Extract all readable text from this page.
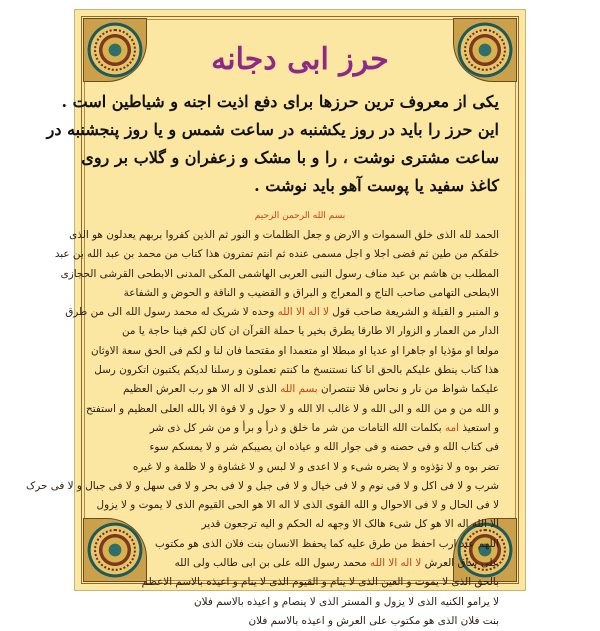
حرز ابی دجانه
یکی از معروف ترین حرزها برای دفع اذیت اجنه و شیاطین است .
این حرز را باید در روز یکشنبه در ساعت شمس و یا روز پنجشنبه در
ساعت مشتری نوشت ، را و با مشک و زعفران و گلاب بر روی
کاغذ سفید یا پوست آهو باید نوشت .
بسم الله الرحمن الرحیم
الحمد لله الذی خلق السموات و الارض و جعل الظلمات و النور ثم الذین کفروا بربهم یعدلون هو الذی
خلقکم من طین ثم قضی اجلا و اجل مسمی عنده ثم انتم تمترون هذا کتاب من محمد بن عبد الله بن عبد
المطلب بن هاشم بن عبد مناف رسول النبی العربی الهاشمی المکی المدنی الابطحی القرشی الحجازی
الابطحی التهامی صاحب التاج و المعراج و البراق و القضیب و الناقة و الحوض و الشفاعة
و المنبر و القبلة و الشریعة صاحب قول لا اله الا الله وحده لا شریک له محمد رسول الله الی من طرق
الدار من العمار و الزوار الا طارقا یطرق بخیر یا حملة القرآن ان کان لکم فینا حاجة یا من
مولعا او مؤذیا او جاهرا او عدیا او مبطلا او متعمدا او مقتحما فان لنا و لکم فی الحق سعة الاوثان
هذا کتاب ینطق علیکم بالحق انا کنا نستنسخ ما کنتم تعملون و رسلنا لدیکم یکتبون اتکرون رسل
علیکما شواظ من نار و نحاس فلا تنتصران بسم الله الذی لا اله الا هو رب العرش العظیم
و الله من و من الله و الی الله و لا غالب الا الله و لا حول و لا قوة الا بالله العلی العظیم و استفتح
و استعیذ امه بکلمات الله التامات من شر ما خلق و ذرأ و برأ و من شر کل ذی شر
فی کتاب الله و فی حصنه و فی جوار الله و عیاذه ان یصیبکم شر و لا یمسکم سوء
تضر بوه و لا تؤذوه و لا یضره شیء و لا اعدی و لا لبس و لا غشاوة و لا ظلمة و لا غیره
شرب و لا فی اکل و لا فی نوم و لا فی خیال و لا فی جبل و لا فی بحر و لا فی سهل و لا فی جبال و لا فی حرک
لا فی الحال و لا فی الاحوال و الله القوی الذی لا اله الا هو الحی القیوم الذی لا یموت و لا یزول
الا الله اله الا هو کل شیء هالک الا وجهه له الحکم و الیه ترجعون قدیر
اللهم عبد ارب احفظ من طرق علیه کما یحفظ الانسان بنت فلان الذی هو مکتوب
علی ساق العرش لا اله الا الله محمد رسول الله علی بن ابی طالب ولی الله
بالحق الذی لا یموت و العین الذی لا ینام و القیوم الذی لا ینام و اعیذه بالاسم الاعظم
لا یرامو الکنیه الذی لا یزول و المستر الذی لا ینصام و اعیذه بالاسم فلان
بنت فلان الذی هو مکتوب علی العرش و اعیذه بالاسم فلان
